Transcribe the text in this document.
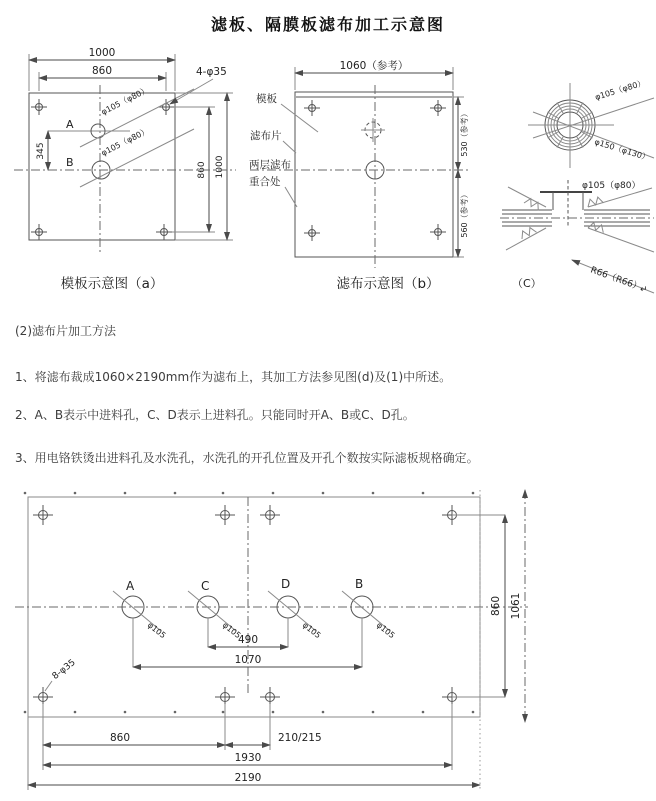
滤板、隔膜板滤布加工示意图
1000
860
860 1000
A
B
φ105（φ80）
φ105（φ80）
345
4-φ35
模板示意图（a）
1060（参考）
模板
滤布片
两层滤布
重合处
530（参考）
560（参考）
滤布示意图（b）
φ105（φ80）
φ150（φ130）
φ105（φ80）
R66（R66）
（C）	↵
(2)滤布片加工方法
1、将滤布裁成1060×2190mm作为滤布上，其加工方法参见图(d)及(1)中所述。
2、A、B表示中进料孔，C、D表示上进料孔。只能同时开A、B或C、D孔。
3、用电铬铁烫出进料孔及水洗孔，水洗孔的开孔位置及开孔个数按实际滤板规格确定。
A
φ105
C
φ105
D
φ105
B
φ105
490
1070
8-φ35
860	210/215
1930
2190
860 1061
